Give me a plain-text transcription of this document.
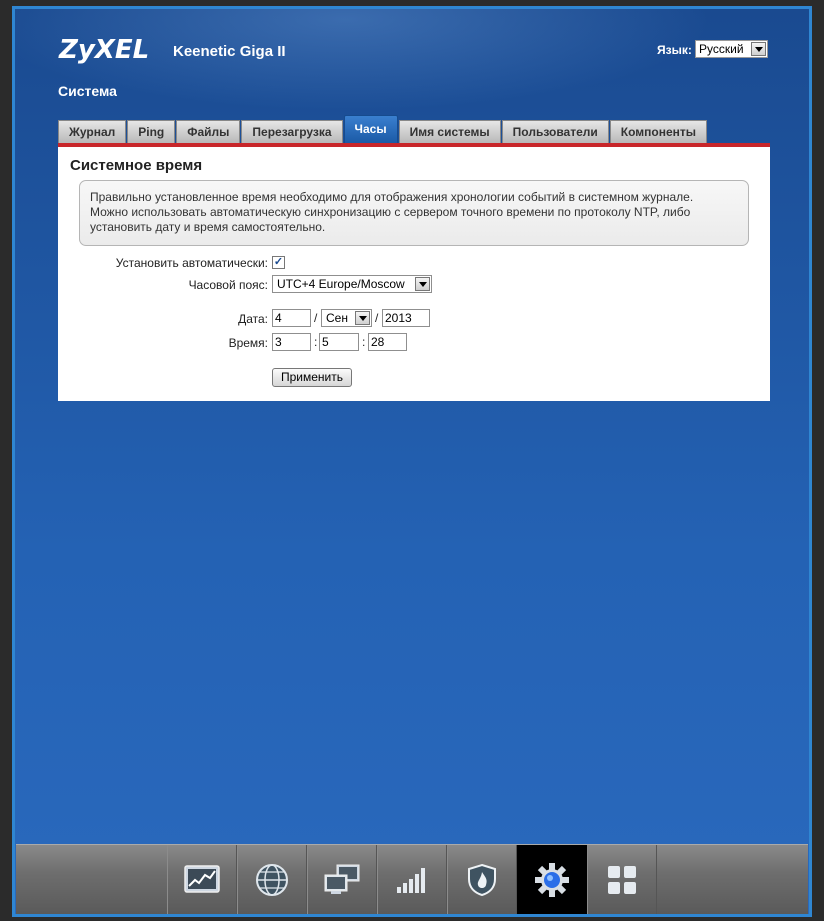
ZyXEL Keenetic Giga II	Язык: Русский
Система
Журнал	Ping	Файлы	Перезагрузка	Часы	Имя системы	Пользователи	Компоненты
Системное время
Правильно установленное время необходимо для отображения хронологии событий в системном журнале.
Можно использовать автоматическую синхронизацию с сервером точного времени по протоколу NTP, либо
установить дату и время самостоятельно.
Установить автоматически: ✓
Часовой пояс: UTC+4 Europe/Moscow
Дата: 4	/ Сен	/ 2013
Время: 3	: 5	: 28
Применить
